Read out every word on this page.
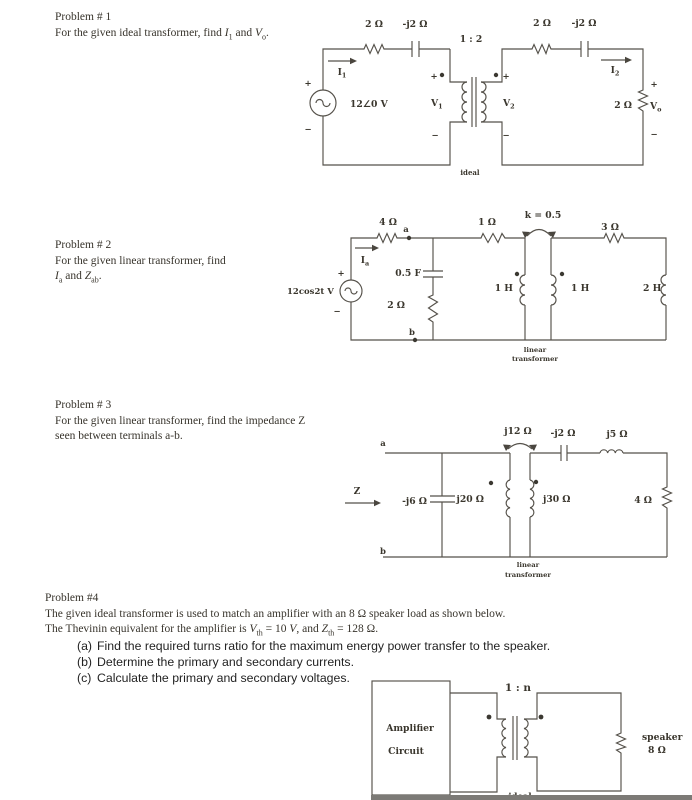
Problem # 1
For the given ideal transformer, find $I_1$ and $V_o$.
2 Ω -j2 Ω	2 Ω -j2 Ω
1 : 2
$I_1$	$I_2$
12∠0 V
+
−
+	+
$V_1$	$V_2$
−	−
+
2 Ω $V_o$
−
ideal
Problem # 2
For the given linear transformer, find
$I_a$ and $Z_{ab}$.
12cos2t V
+
−
4 Ω	1 Ω	3 Ω
k = 0.5
$I_a$
a
b
0.5 F
2 Ω
1 H	1 H	2 H
linear
transformer
Problem # 3
For the given linear transformer, find the impedance Z
seen between terminals a-b.
a
b
Z
-j6 Ω	j20 Ω
j12 Ω
j30 Ω
-j2 Ω	j5 Ω
4 Ω
linear
transformer
Problem #4
The given ideal transformer is used to match an amplifier with an 8 Ω speaker load as shown below.
The Thevinin equivalent for the amplifier is $V_{th} = 10$ V, and $Z_{th} = 128$ Ω.
(a) Find the required turns ratio for the maximum energy power transfer to the speaker.
(b) Determine the primary and secondary currents.
(c) Calculate the primary and secondary voltages.
Amplifier
Circuit
1 : n
speaker
8 Ω
